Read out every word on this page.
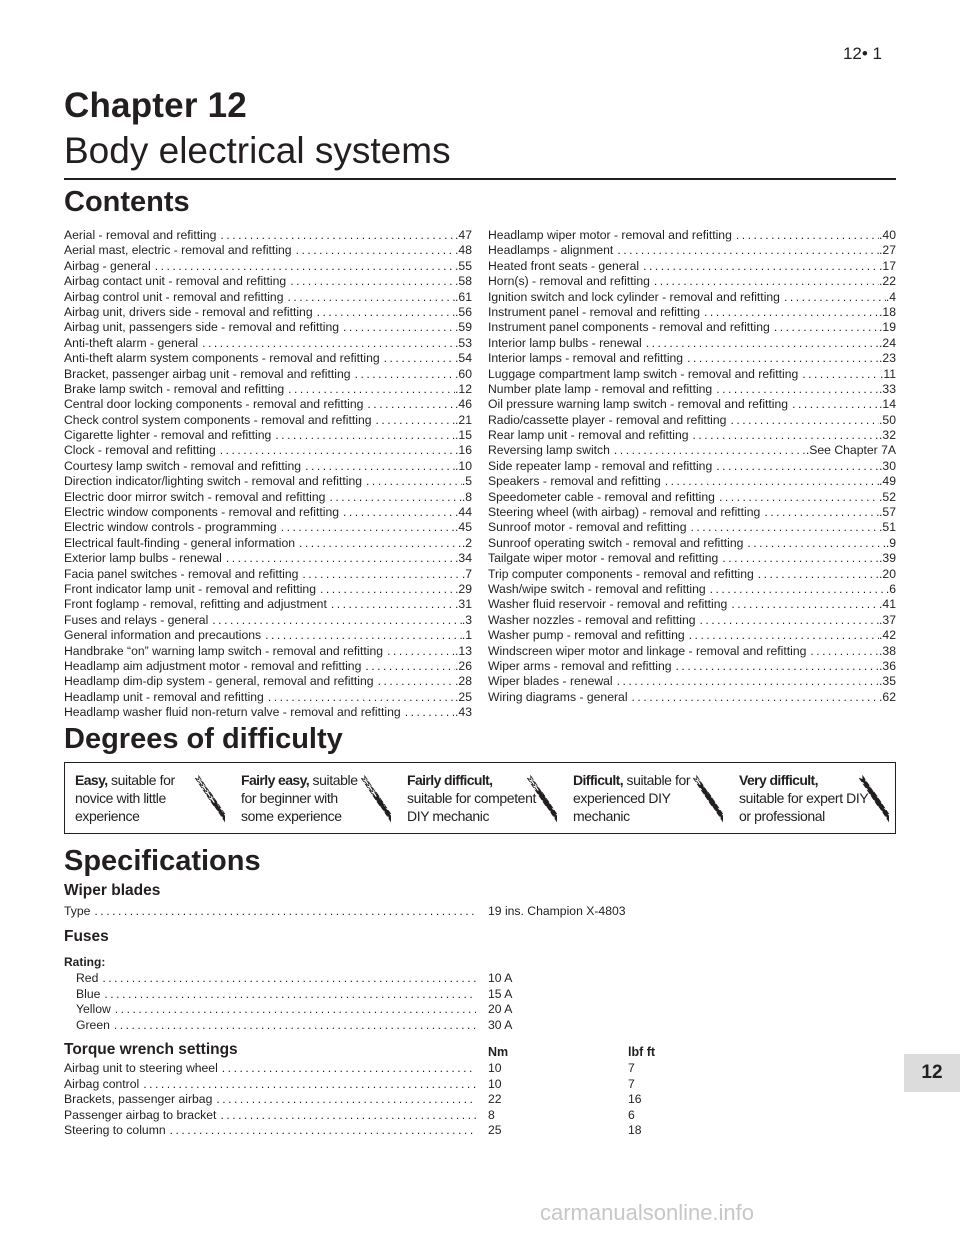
12• 1
Chapter 12
Body electrical systems
Contents
Aerial - removal and refitting .....	.47
Aerial mast, electric - removal and refitting .....	.48
Airbag - general .....	.55
Airbag contact unit - removal and refitting .....	.58
Airbag control unit - removal and refitting .....	.61
Airbag unit, drivers side - removal and refitting .....	.56
Airbag unit, passengers side - removal and refitting .....	.59
Anti-theft alarm - general .....	.53
Anti-theft alarm system components - removal and refitting .....	.54
Bracket, passenger airbag unit - removal and refitting .....	.60
Brake lamp switch - removal and refitting .....	.12
Central door locking components - removal and refitting .....	.46
Check control system components - removal and refitting .....	.21
Cigarette lighter - removal and refitting .....	.15
Clock - removal and refitting .....	.16
Courtesy lamp switch - removal and refitting .....	.10
Direction indicator/lighting switch - removal and refitting .....	.5
Electric door mirror switch - removal and refitting .....	.8
Electric window components - removal and refitting .....	.44
Electric window controls - programming .....	.45
Electrical fault-finding - general information .....	.2
Exterior lamp bulbs - renewal .....	.34
Facia panel switches - removal and refitting .....	.7
Front indicator lamp unit - removal and refitting .....	.29
Front foglamp - removal, refitting and adjustment .....	.31
Fuses and relays - general .....	.3
General information and precautions .....	.1
Handbrake “on” warning lamp switch - removal and refitting .....	.13
Headlamp aim adjustment motor - removal and refitting .....	.26
Headlamp dim-dip system - general, removal and refitting .....	.28
Headlamp unit - removal and refitting .....	.25
Headlamp washer fluid non-return valve - removal and refitting .....	.43
Headlamp wiper motor - removal and refitting .....	.40
Headlamps - alignment .....	.27
Heated front seats - general .....	.17
Horn(s) - removal and refitting .....	.22
Ignition switch and lock cylinder - removal and refitting .....	.4
Instrument panel - removal and refitting .....	.18
Instrument panel components - removal and refitting .....	.19
Interior lamp bulbs - renewal .....	.24
Interior lamps - removal and refitting .....	.23
Luggage compartment lamp switch - removal and refitting .....	.11
Number plate lamp - removal and refitting .....	.33
Oil pressure warning lamp switch - removal and refitting .....	.14
Radio/cassette player - removal and refitting .....	.50
Rear lamp unit - removal and refitting .....	.32
Reversing lamp switch .....	.See Chapter 7A
Side repeater lamp - removal and refitting .....	.30
Speakers - removal and refitting .....	.49
Speedometer cable - removal and refitting .....	.52
Steering wheel (with airbag) - removal and refitting .....	.57
Sunroof motor - removal and refitting .....	.51
Sunroof operating switch - removal and refitting .....	.9
Tailgate wiper motor - removal and refitting .....	.39
Trip computer components - removal and refitting .....	.20
Wash/wipe switch - removal and refitting .....	.6
Washer fluid reservoir - removal and refitting .....	.41
Washer nozzles - removal and refitting .....	.37
Washer pump - removal and refitting .....	.42
Windscreen wiper motor and linkage - removal and refitting .....	.38
Wiper arms - removal and refitting .....	.36
Wiper blades - renewal .....	.35
Wiring diagrams - general .....	.62
Degrees of difficulty
Easy, suitable for
novice with little
experience
Fairly easy, suitable
for beginner with
some experience
Fairly difficult,
suitable for competent
DIY mechanic
Difficult, suitable for
experienced DIY
mechanic
Very difficult,
suitable for expert DIY
or professional
Specifications
Wiper blades
Type .....	19 ins. Champion X-4803
Fuses
Rating:
Red .....	10 A
Blue .....	15 A
Yellow .....	20 A
Green .....	30 A
Torque wrench settings	Nm	lbf ft
Airbag unit to steering wheel .....	10	7
Airbag control .....	10	7
Brackets, passenger airbag .....	22	16
Passenger airbag to bracket .....	8	6
Steering to column .....	25	18
12
carmanualsonline.info
